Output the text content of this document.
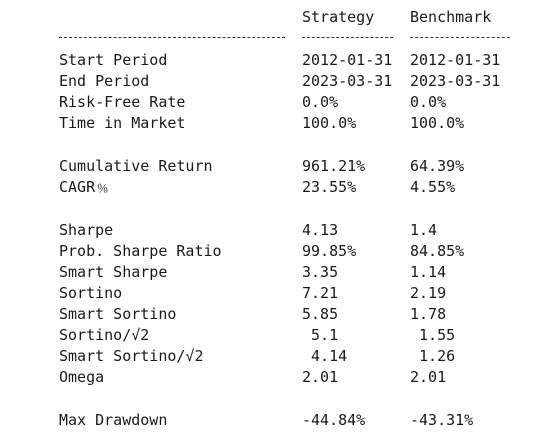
Strategy Benchmark
Start Period	2012-01-31 2012-01-31
End Period	2023-03-31 2023-03-31
Risk-Free Rate	0.0%	0.0%
Time in Market	100.0%	100.0%
Cumulative Return	961.21%	64.39%
CAGR﹪	23.55%	4.55%
Sharpe	4.13	1.4
Prob. Sharpe Ratio	99.85%	84.85%
Smart Sharpe	3.35	1.14
Sortino	7.21	2.19
Smart Sortino	5.85	1.78
Sortino/√2	5.1	1.55
Smart Sortino/√2	4.14	1.26
Omega	2.01	2.01
Max Drawdown	-44.84%	-43.31%
